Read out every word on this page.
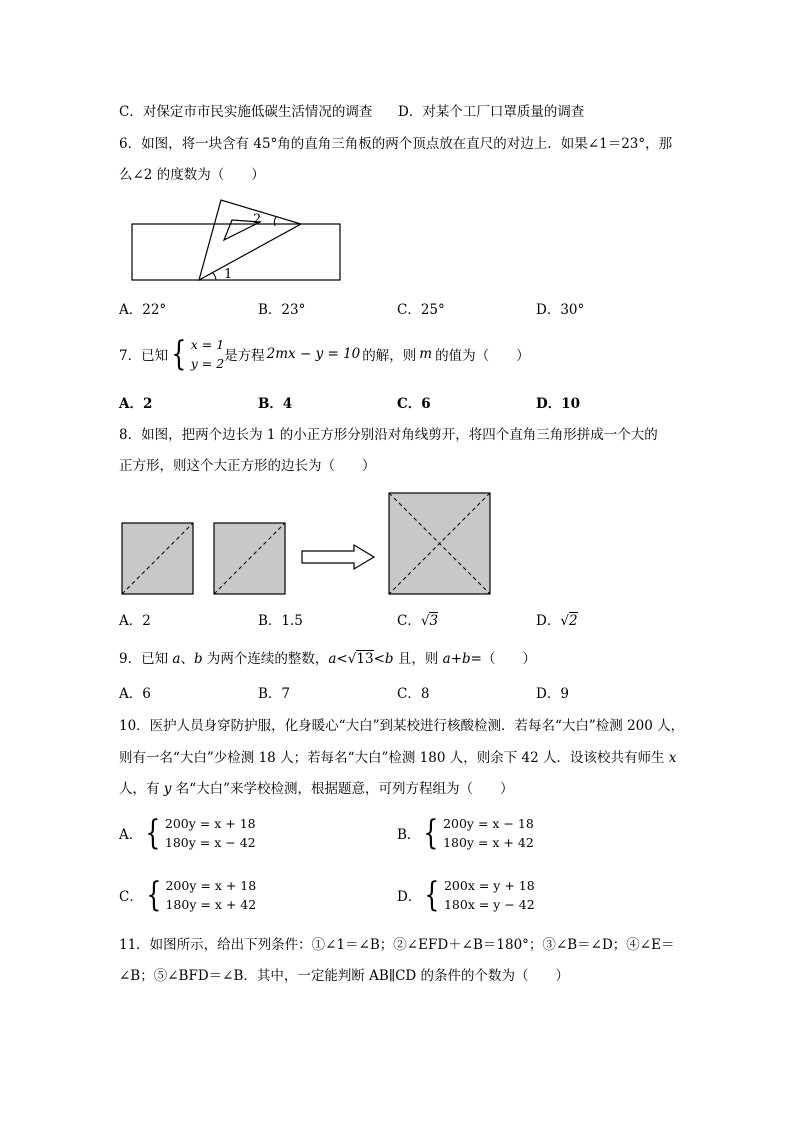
C．对保定市市民实施低碳生活情况的调查 D．对某个工厂口罩质量的调查
6．如图，将一块含有 45°角的直角三角板的两个顶点放在直尺的对边上．如果∠1＝23°，那
么∠2 的度数为（　　）
1
2
A．22°	B．23°	C．25°	D．30°
7．已知 { x = 1
y = 2 是方程 2mx − y = 10 的解，则 m 的值为（　　）
A．2	B．4	C．6	D．10
8．如图，把两个边长为 1 的小正方形分别沿对角线剪开，将四个直角三角形拼成一个大的
正方形，则这个大正方形的边长为（　　）
A．2	B．1.5	C．√3	D．√2
9．已知 a、b 为两个连续的整数，a<√13<b 且，则 a+b=（　　）
A．6	B．7	C．8	D．9
10．医护人员身穿防护服，化身暖心“大白”到某校进行核酸检测．若每名“大白”检测 200 人，
则有一名“大白”少检测 18 人；若每名“大白”检测 180 人，则余下 42 人．设该校共有师生 x
人，有 y 名“大白”来学校检测，根据题意，可列方程组为（　　）
A． { 200y = x + 18
180y = x − 42	B． { 200y = x − 18
180y = x + 42
C． { 200y = x + 18
180y = x + 42	D． { 200x = y + 18
180x = y − 42
11．如图所示，给出下列条件：①∠1＝∠B；②∠EFD＋∠B＝180°；③∠B＝∠D；④∠E＝
∠B；⑤∠BFD＝∠B．其中，一定能判断 AB∥CD 的条件的个数为（　　）
